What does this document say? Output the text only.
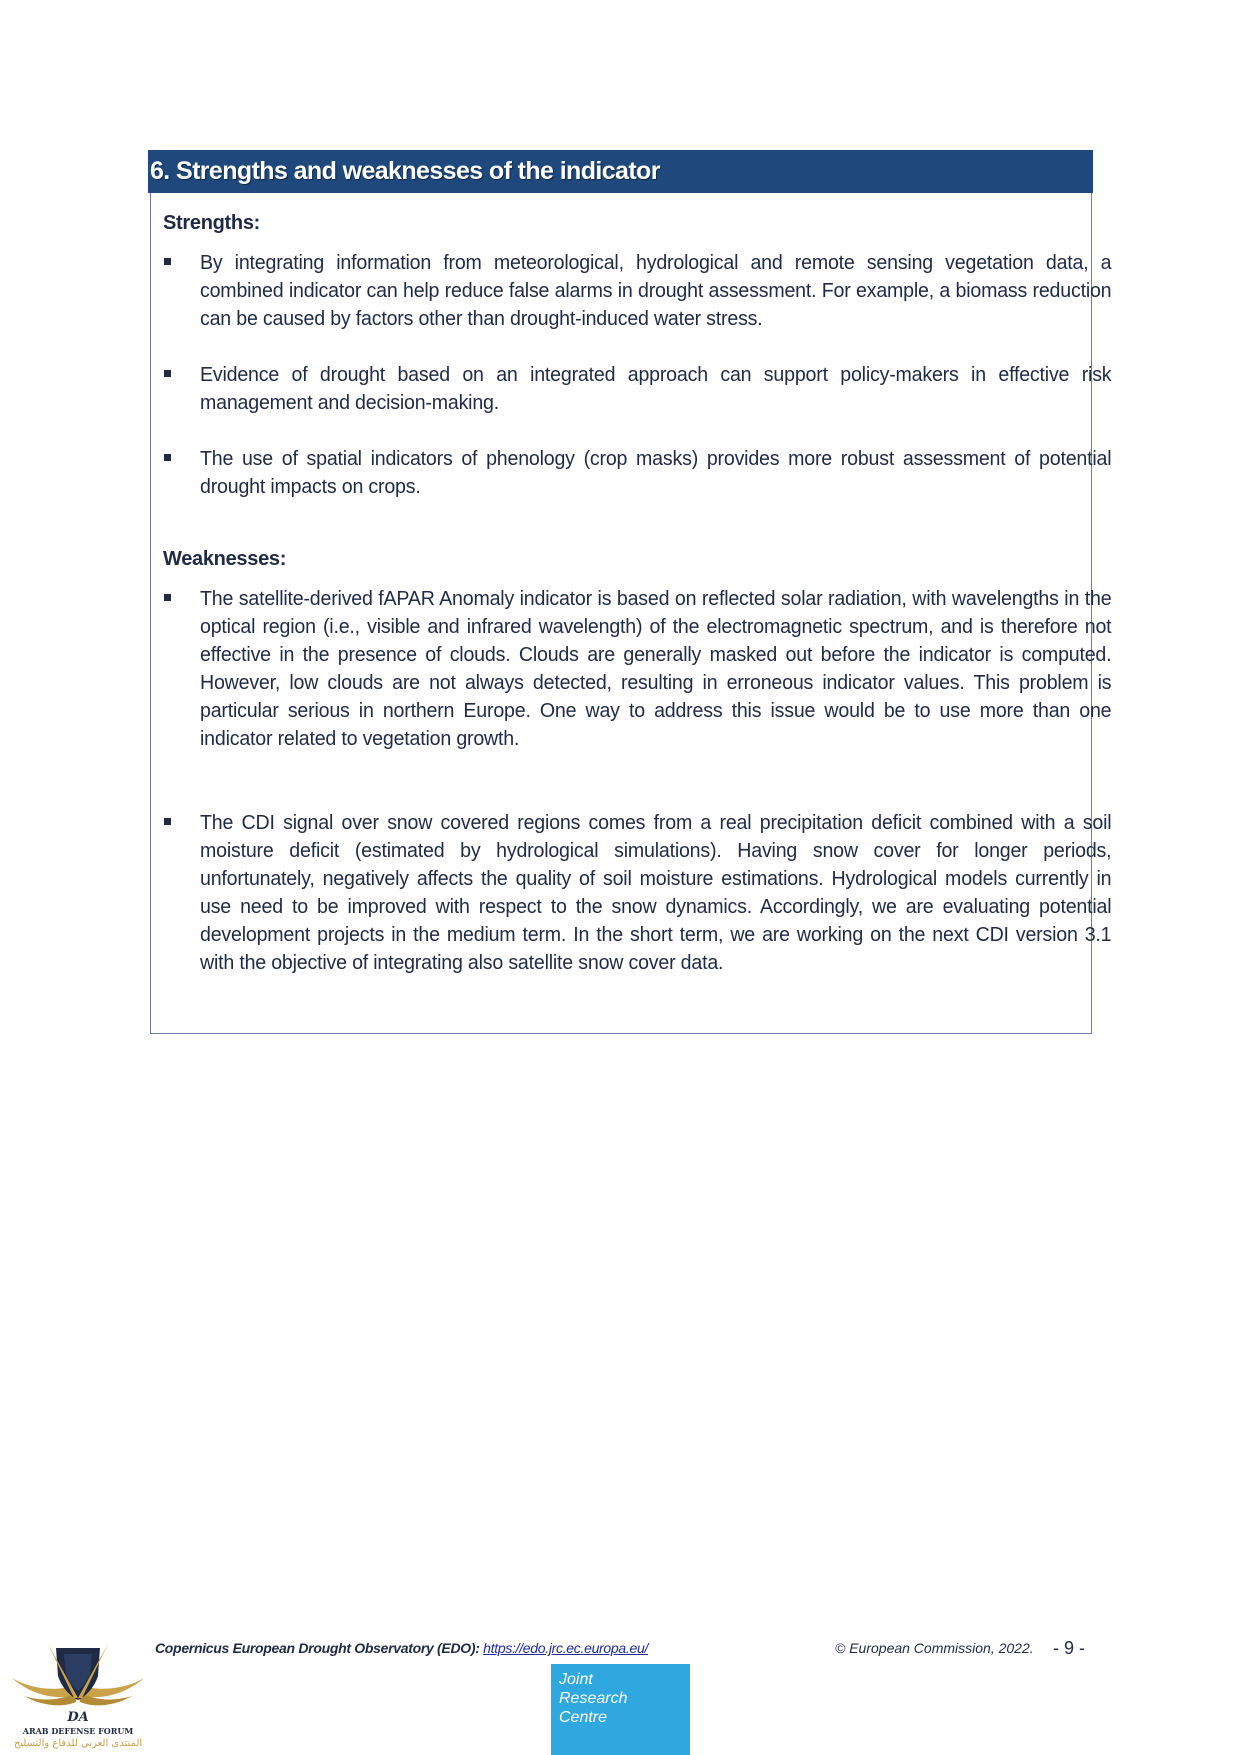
6. Strengths and weaknesses of the indicator
Strengths:
By integrating information from meteorological, hydrological and remote sensing vegetation data, a combined indicator can help reduce false alarms in drought assessment. For example, a biomass reduction can be caused by factors other than drought-induced water stress.
Evidence of drought based on an integrated approach can support policy-makers in effective risk management and decision-making.
The use of spatial indicators of phenology (crop masks) provides more robust assessment of potential drought impacts on crops.
Weaknesses:
The satellite-derived fAPAR Anomaly indicator is based on reflected solar radiation, with wavelengths in the optical region (i.e., visible and infrared wavelength) of the electromagnetic spectrum, and is therefore not effective in the presence of clouds. Clouds are generally masked out before the indicator is computed. However, low clouds are not always detected, resulting in erroneous indicator values. This problem is particular serious in northern Europe. One way to address this issue would be to use more than one indicator related to vegetation growth.
The CDI signal over snow covered regions comes from a real precipitation deficit combined with a soil moisture deficit (estimated by hydrological simulations). Having snow cover for longer periods, unfortunately, negatively affects the quality of soil moisture estimations. Hydrological models currently in use need to be improved with respect to the snow dynamics. Accordingly, we are evaluating potential development projects in the medium term. In the short term, we are working on the next CDI version 3.1 with the objective of integrating also satellite snow cover data.
Copernicus European Drought Observatory (EDO): https://edo.jrc.ec.europa.eu/	© European Commission, 2022. - 9 -
Joint
Research
Centre
DA
ARAB DEFENSE FORUM
المنتدى العربي للدفاع والتسليح
